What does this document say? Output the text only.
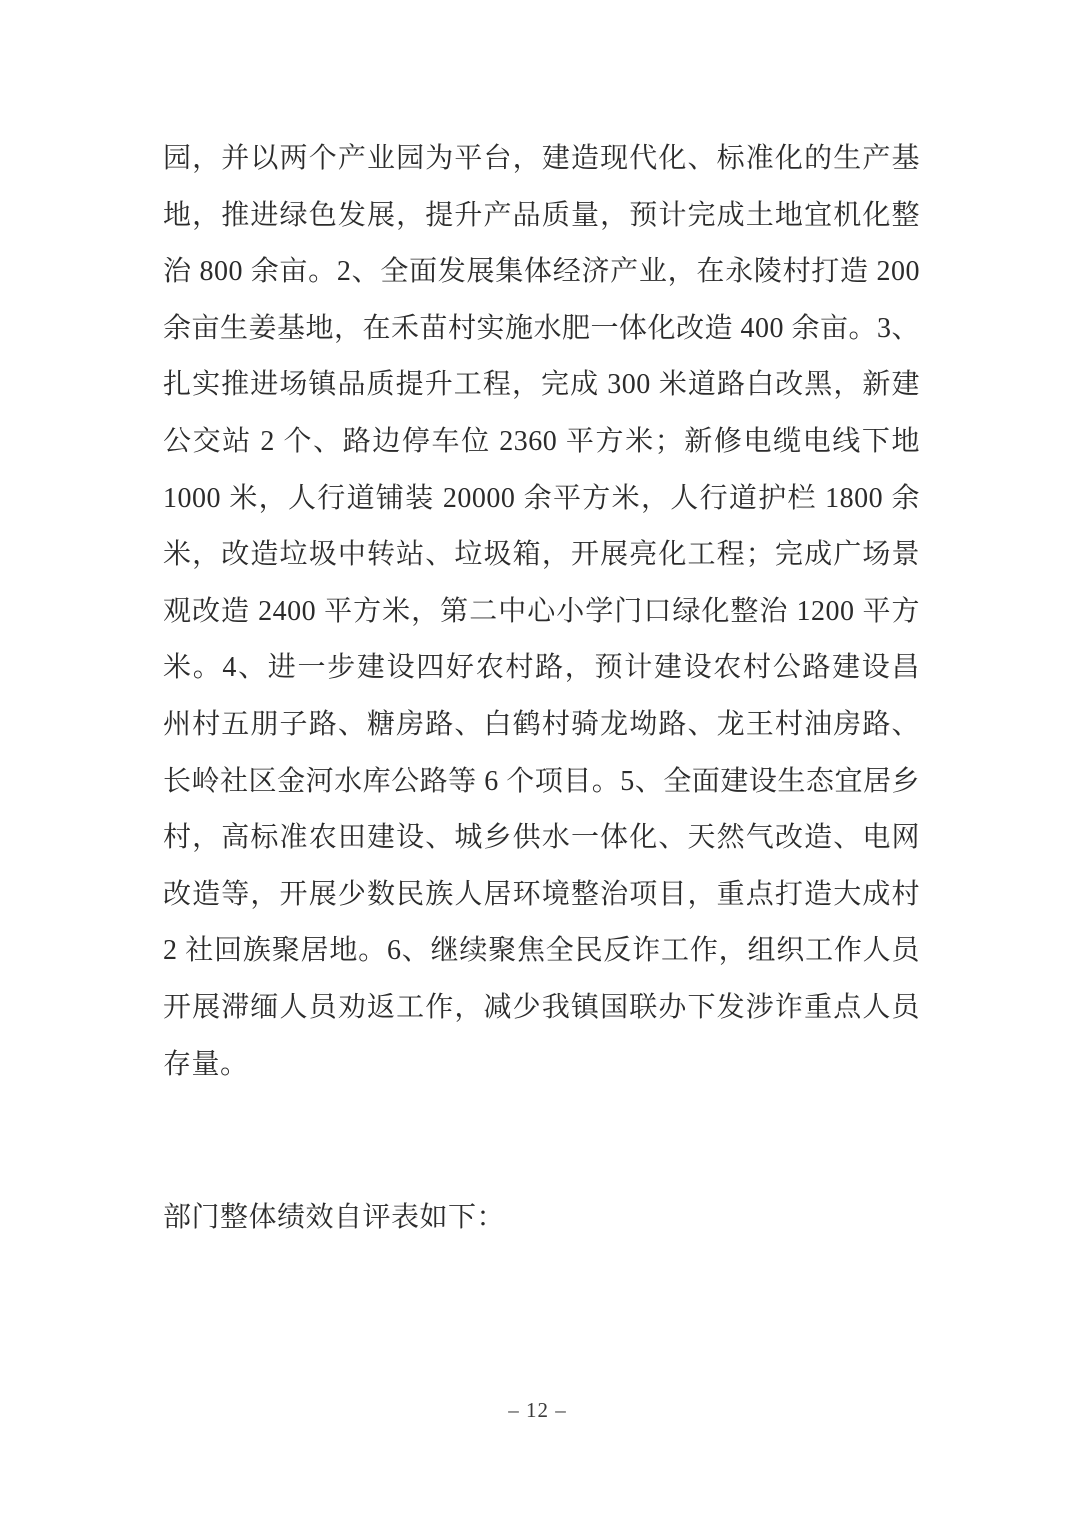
园，并以两个产业园为平台，建造现代化、标准化的生产基
地，推进绿色发展，提升产品质量，预计完成土地宜机化整
治 800 余亩。2、全面发展集体经济产业，在永陵村打造 200
余亩生姜基地，在禾苗村实施水肥一体化改造 400 余亩。3、
扎实推进场镇品质提升工程，完成 300 米道路白改黑，新建
公交站 2 个、路边停车位 2360 平方米；新修电缆电线下地
1000 米，人行道铺装 20000 余平方米，人行道护栏 1800 余
米，改造垃圾中转站、垃圾箱，开展亮化工程；完成广场景
观改造 2400 平方米，第二中心小学门口绿化整治 1200 平方
米。4、进一步建设四好农村路，预计建设农村公路建设昌
州村五朋子路、糖房路、白鹤村骑龙坳路、龙王村油房路、
长岭社区金河水库公路等 6 个项目。5、全面建设生态宜居乡
村，高标准农田建设、城乡供水一体化、天然气改造、电网
改造等，开展少数民族人居环境整治项目，重点打造大成村
2 社回族聚居地。6、继续聚焦全民反诈工作，组织工作人员
开展滞缅人员劝返工作，减少我镇国联办下发涉诈重点人员
存量。
部门整体绩效自评表如下：
– 12 –
